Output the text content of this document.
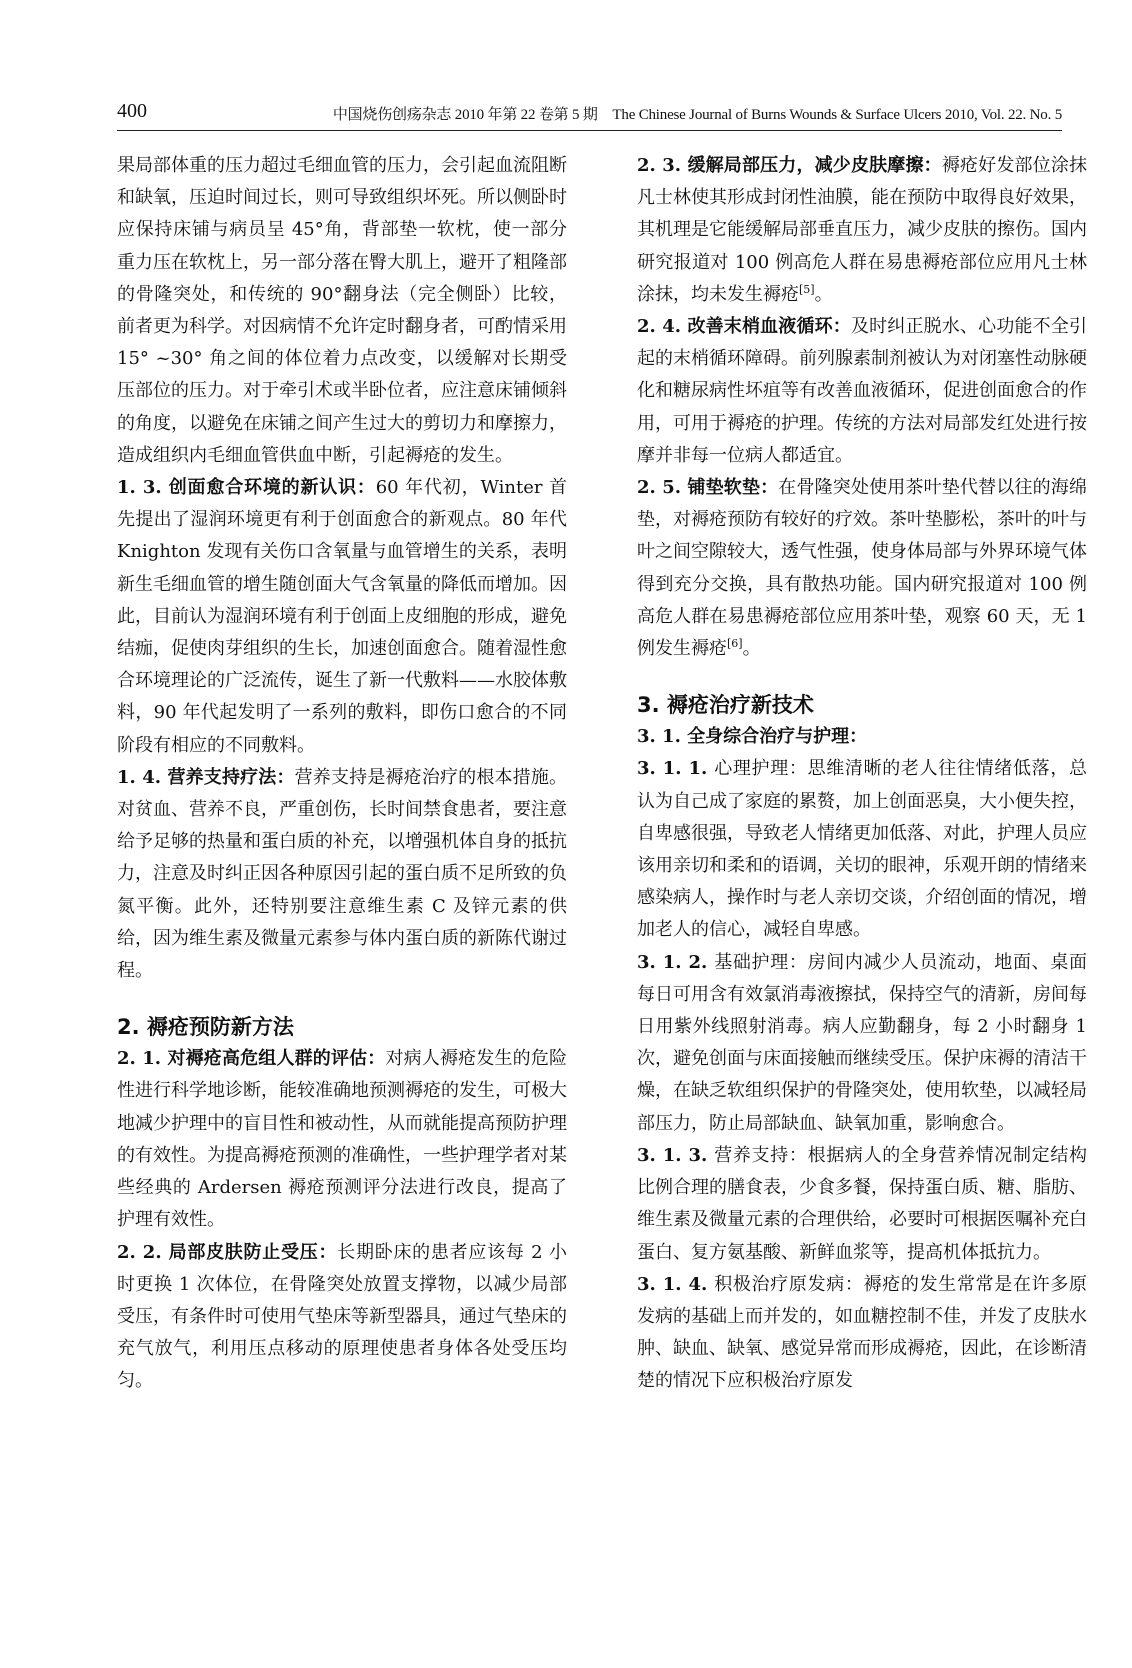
400	中国烧伤创疡杂志 2010 年第 22 卷第 5 期　The Chinese Journal of Burns Wounds & Surface Ulcers 2010, Vol. 22. No. 5

果局部体重的压力超过毛细血管的压力，会引起血流阻断和缺氧，压迫时间过长，则可导致组织坏死。所以侧卧时应保持床铺与病员呈 45°角，背部垫一软枕，使一部分重力压在软枕上，另一部分落在臀大肌上，避开了粗隆部的骨隆突处，和传统的 90°翻身法（完全侧卧）比较，前者更为科学。对因病情不允许定时翻身者，可酌情采用 15° ~30° 角之间的体位着力点改变，以缓解对长期受压部位的压力。对于牵引术或半卧位者，应注意床铺倾斜的角度，以避免在床铺之间产生过大的剪切力和摩擦力，造成组织内毛细血管供血中断，引起褥疮的发生。

1. 3. 创面愈合环境的新认识：60 年代初，Winter 首先提出了湿润环境更有利于创面愈合的新观点。80 年代 Knighton 发现有关伤口含氧量与血管增生的关系，表明新生毛细血管的增生随创面大气含氧量的降低而增加。因此，目前认为湿润环境有利于创面上皮细胞的形成，避免结痂，促使肉芽组织的生长，加速创面愈合。随着湿性愈合环境理论的广泛流传，诞生了新一代敷料——水胶体敷料，90 年代起发明了一系列的敷料，即伤口愈合的不同阶段有相应的不同敷料。

1. 4. 营养支持疗法：营养支持是褥疮治疗的根本措施。对贫血、营养不良，严重创伤，长时间禁食患者，要注意给予足够的热量和蛋白质的补充，以增强机体自身的抵抗力，注意及时纠正因各种原因引起的蛋白质不足所致的负氮平衡。此外，还特别要注意维生素 C 及锌元素的供给，因为维生素及微量元素参与体内蛋白质的新陈代谢过程。

2. 褥疮预防新方法

2. 1. 对褥疮高危组人群的评估：对病人褥疮发生的危险性进行科学地诊断，能较准确地预测褥疮的发生，可极大地减少护理中的盲目性和被动性，从而就能提高预防护理的有效性。为提高褥疮预测的准确性，一些护理学者对某些经典的 Ardersen 褥疮预测评分法进行改良，提高了护理有效性。

2. 2. 局部皮肤防止受压：长期卧床的患者应该每 2 小时更换 1 次体位，在骨隆突处放置支撑物，以减少局部受压，有条件时可使用气垫床等新型器具，通过气垫床的充气放气，利用压点移动的原理使患者身体各处受压均匀。

2. 3. 缓解局部压力，减少皮肤摩擦：褥疮好发部位涂抹凡士林使其形成封闭性油膜，能在预防中取得良好效果，其机理是它能缓解局部垂直压力，减少皮肤的擦伤。国内研究报道对 100 例高危人群在易患褥疮部位应用凡士林涂抹，均未发生褥疮[5]。

2. 4. 改善末梢血液循环：及时纠正脱水、心功能不全引起的末梢循环障碍。前列腺素制剂被认为对闭塞性动脉硬化和糖尿病性坏疽等有改善血液循环，促进创面愈合的作用，可用于褥疮的护理。传统的方法对局部发红处进行按摩并非每一位病人都适宜。

2. 5. 铺垫软垫：在骨隆突处使用茶叶垫代替以往的海绵垫，对褥疮预防有较好的疗效。茶叶垫膨松，茶叶的叶与叶之间空隙较大，透气性强，使身体局部与外界环境气体得到充分交换，具有散热功能。国内研究报道对 100 例高危人群在易患褥疮部位应用茶叶垫，观察 60 天，无 1 例发生褥疮[6]。

3. 褥疮治疗新技术

3. 1. 全身综合治疗与护理：

3. 1. 1. 心理护理：思维清晰的老人往往情绪低落，总认为自己成了家庭的累赘，加上创面恶臭，大小便失控，自卑感很强，导致老人情绪更加低落、对此，护理人员应该用亲切和柔和的语调，关切的眼神，乐观开朗的情绪来感染病人，操作时与老人亲切交谈，介绍创面的情况，增加老人的信心，减轻自卑感。

3. 1. 2. 基础护理：房间内减少人员流动，地面、桌面每日可用含有效氯消毒液擦拭，保持空气的清新，房间每日用紫外线照射消毒。病人应勤翻身，每 2 小时翻身 1 次，避免创面与床面接触而继续受压。保护床褥的清洁干燥，在缺乏软组织保护的骨隆突处，使用软垫，以减轻局部压力，防止局部缺血、缺氧加重，影响愈合。

3. 1. 3. 营养支持：根据病人的全身营养情况制定结构比例合理的膳食表，少食多餐，保持蛋白质、糖、脂肪、维生素及微量元素的合理供给，必要时可根据医嘱补充白蛋白、复方氨基酸、新鲜血浆等，提高机体抵抗力。

3. 1. 4. 积极治疗原发病：褥疮的发生常常是在许多原发病的基础上而并发的，如血糖控制不佳，并发了皮肤水肿、缺血、缺氧、感觉异常而形成褥疮，因此，在诊断清楚的情况下应积极治疗原发
